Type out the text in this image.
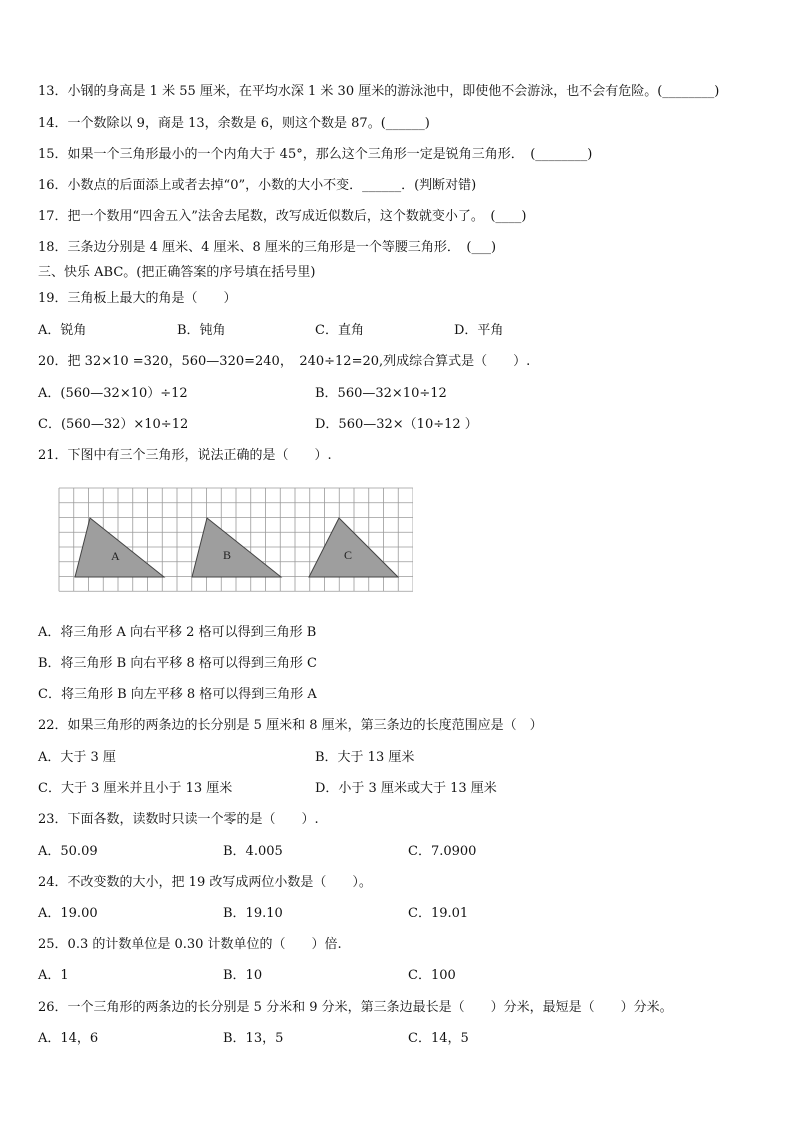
13．小钢的身高是 1 米 55 厘米，在平均水深 1 米 30 厘米的游泳池中，即使他不会游泳，也不会有危险。(________)
14．一个数除以 9，商是 13，余数是 6，则这个数是 87。(______)
15．如果一个三角形最小的一个内角大于 45°，那么这个三角形一定是锐角三角形．　(________)
16．小数点的后面添上或者去掉“0”，小数的大小不变．______．(判断对错)
17．把一个数用“四舍五入”法舍去尾数，改写成近似数后，这个数就变小了。　(____)
18．三条边分别是 4 厘米、4 厘米、8 厘米的三角形是一个等腰三角形．　(___)
三、快乐 ABC。(把正确答案的序号填在括号里)
19．三角板上最大的角是（　　）
A．锐角	B．钝角	C．直角	D．平角
20．把 32×10 =320，560—320=240，　240÷12=20,列成综合算式是（　　）.
A．(560—32×10）÷12	B．560—32×10÷12
C．(560—32）×10÷12	D．560—32×（10÷12 ）
21．下图中有三个三角形，说法正确的是（　　）.
A	B	C
A．将三角形 A 向右平移 2 格可以得到三角形 B
B．将三角形 B 向右平移 8 格可以得到三角形 C
C．将三角形 B 向左平移 8 格可以得到三角形 A
22．如果三角形的两条边的长分别是 5 厘米和 8 厘米，第三条边的长度范围应是（　）
A．大于 3 厘	B．大于 13 厘米
C．大于 3 厘米并且小于 13 厘米	D．小于 3 厘米或大于 13 厘米
23．下面各数，读数时只读一个零的是（　　）.
A．50.09	B．4.005	C．7.0900
24．不改变数的大小，把 19 改写成两位小数是（　　）。
A．19.00	B．19.10	C．19.01
25．0.3 的计数单位是 0.30 计数单位的（　　）倍.
A．1	B．10	C．100
26．一个三角形的两条边的长分别是 5 分米和 9 分米，第三条边最长是（　　）分米，最短是（　　）分米。
A．14，6	B．13，5	C．14，5
